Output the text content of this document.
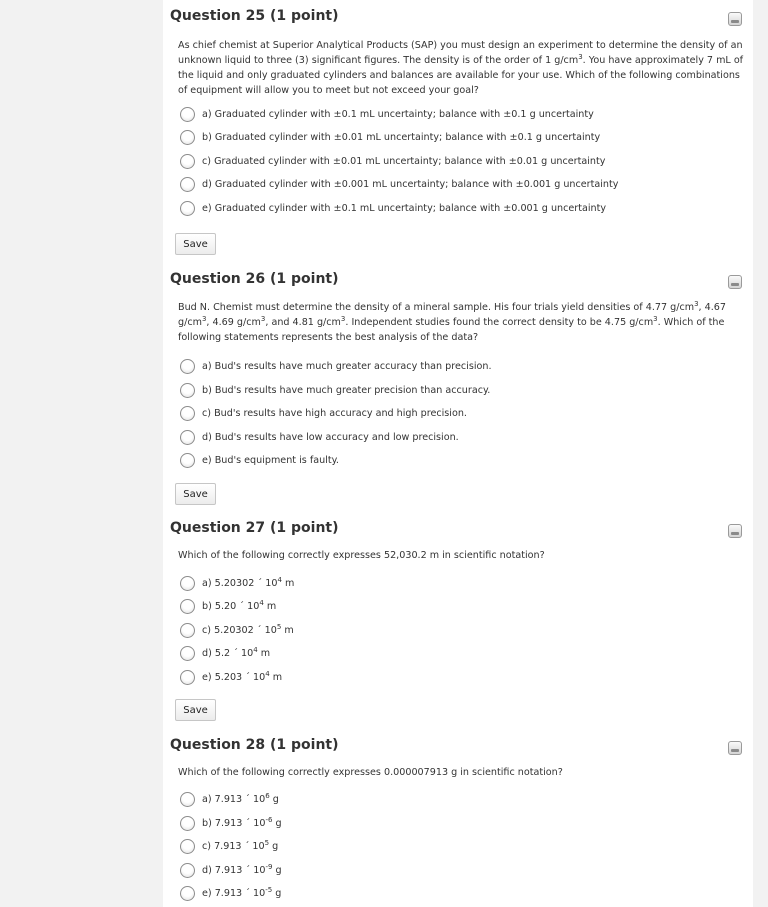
Question 25 (1 point)
As chief chemist at Superior Analytical Products (SAP) you must design an experiment to determine the density of an unknown liquid to three (3) significant figures. The density is of the order of 1 $g/cm^3$. You have approximately 7 mL of the liquid and only graduated cylinders and balances are available for your use. Which of the following combinations of equipment will allow you to meet but not exceed your goal?
a) Graduated cylinder with ±0.1 mL uncertainty; balance with ±0.1 g uncertainty
b) Graduated cylinder with ±0.01 mL uncertainty; balance with ±0.1 g uncertainty
c) Graduated cylinder with ±0.01 mL uncertainty; balance with ±0.01 g uncertainty
d) Graduated cylinder with ±0.001 mL uncertainty; balance with ±0.001 g uncertainty
e) Graduated cylinder with ±0.1 mL uncertainty; balance with ±0.001 g uncertainty
Save
Question 26 (1 point)
Bud N. Chemist must determine the density of a mineral sample. His four trials yield densities of 4.77 $g/cm^3$, 4.67 $g/cm^3$, 4.69 $g/cm^3$, and 4.81 $g/cm^3$. Independent studies found the correct density to be 4.75 $g/cm^3$. Which of the following statements represents the best analysis of the data?
a) Bud's results have much greater accuracy than precision.
b) Bud's results have much greater precision than accuracy.
c) Bud's results have high accuracy and high precision.
d) Bud's results have low accuracy and low precision.
e) Bud's equipment is faulty.
Save
Question 27 (1 point)
Which of the following correctly expresses 52,030.2 m in scientific notation?
a) 5.20302 ´ $10^4$ m
b) 5.20 ´ $10^4$ m
c) 5.20302 ´ $10^5$ m
d) 5.2 ´ $10^4$ m
e) 5.203 ´ $10^4$ m
Save
Question 28 (1 point)
Which of the following correctly expresses 0.000007913 g in scientific notation?
a) 7.913 ´ $10^6$ g
b) 7.913 ´ $10^{-6}$ g
c) 7.913 ´ $10^5$ g
d) 7.913 ´ $10^{-9}$ g
e) 7.913 ´ $10^{-5}$ g
